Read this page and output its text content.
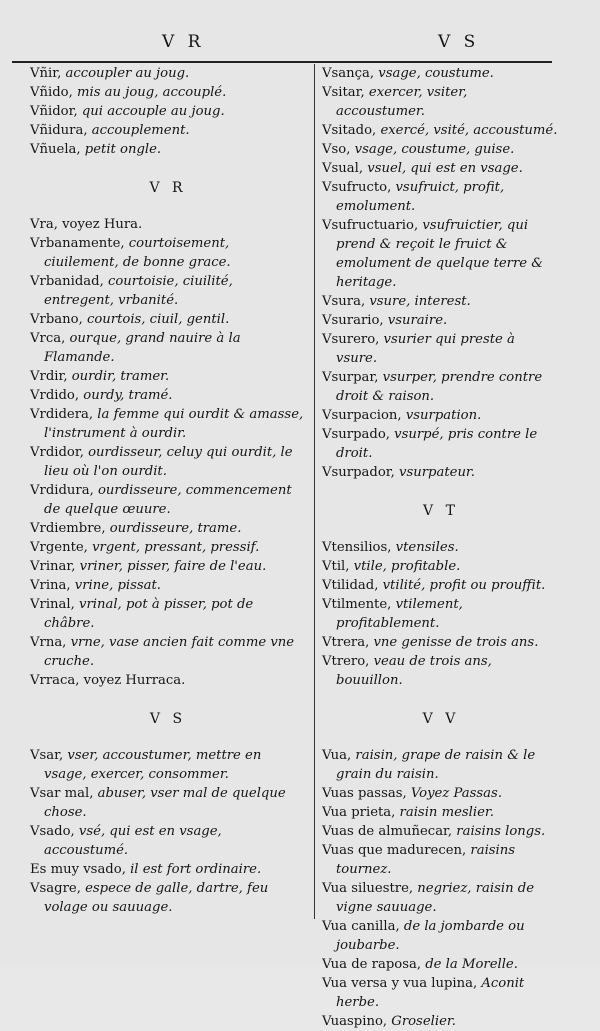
V R	V S

Vñir, accoupler au joug.

Vñido, mis au joug, accouplé.

Vñidor, qui accouple au joug.

Vñidura, accouplement.

Vñuela, petit ongle.

V R

Vra, voyez Hura.

Vrbanamente, courtoisement, ciuilement, de bonne grace.

Vrbanidad, courtoisie, ciuilité, entregent, vrbanité.

Vrbano, courtois, ciuil, gentil.

Vrca, ourque, grand nauire à la Flamande.

Vrdir, ourdir, tramer.

Vrdido, ourdy, tramé.

Vrdidera, la femme qui ourdit & amasse, l'instrument à ourdir.

Vrdidor, ourdisseur, celuy qui ourdit, le lieu où l'on ourdit.

Vrdidura, ourdisseure, commencement de quelque œuure.

Vrdiembre, ourdisseure, trame.

Vrgente, vrgent, pressant, pressif.

Vrinar, vriner, pisser, faire de l'eau.

Vrina, vrine, pissat.

Vrinal, vrinal, pot à pisser, pot de châbre.

Vrna, vrne, vase ancien fait comme vne cruche.

Vrraca, voyez Hurraca.

V S

Vsar, vser, accoustumer, mettre en vsage, exercer, consommer.

Vsar mal, abuser, vser mal de quelque chose.

Vsado, vsé, qui est en vsage, accoustumé.

Es muy vsado, il est fort ordinaire.

Vsagre, espece de galle, dartre, feu volage ou sauuage.

Vsança, vsage, coustume.

Vsitar, exercer, vsiter, accoustumer.

Vsitado, exercé, vsité, accoustumé.

Vso, vsage, coustume, guise.

Vsual, vsuel, qui est en vsage.

Vsufructo, vsufruict, profit, emolument.

Vsufructuario, vsufruictier, qui prend & reçoit le fruict & emolument de quelque terre & heritage.

Vsura, vsure, interest.

Vsurario, vsuraire.

Vsurero, vsurier qui preste à vsure.

Vsurpar, vsurper, prendre contre droit & raison.

Vsurpacion, vsurpation.

Vsurpado, vsurpé, pris contre le droit.

Vsurpador, vsurpateur.

V T

Vtensilios, vtensiles.

Vtil, vtile, profitable.

Vtilidad, vtilité, profit ou prouffit.

Vtilmente, vtilement, profitablement.

Vtrera, vne genisse de trois ans.

Vtrero, veau de trois ans, bouuillon.

V V

Vua, raisin, grape de raisin & le grain du raisin.

Vuas passas, Voyez Passas.

Vua prieta, raisin meslier.

Vuas de almuñecar, raisins longs.

Vuas que madurecen, raisins tournez.

Vua siluestre, negriez, raisin de vigne sauuage.

Vua canilla, de la jombarde ou joubarbe.

Vua de raposa, de la Morelle.

Vua versa y vua lupina, Aconit herbe.

Vuaspino, Groselier.
